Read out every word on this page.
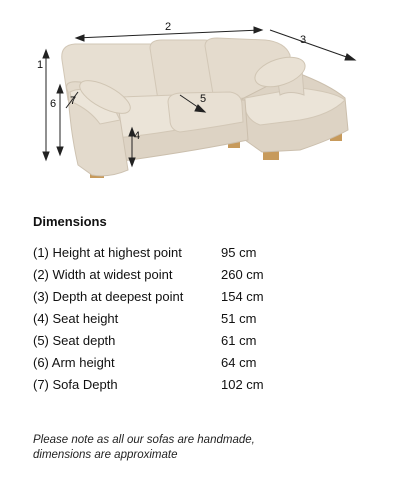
1
2
3
4
5
6 7
Dimensions
(1) Height at highest point	95 cm
(2) Width at widest point	260 cm
(3) Depth at deepest point	154 cm
(4) Seat height	51 cm
(5) Seat depth	61 cm
(6) Arm height	64 cm
(7) Sofa Depth	102 cm
Please note as all our sofas are handmade,
dimensions are approximate
